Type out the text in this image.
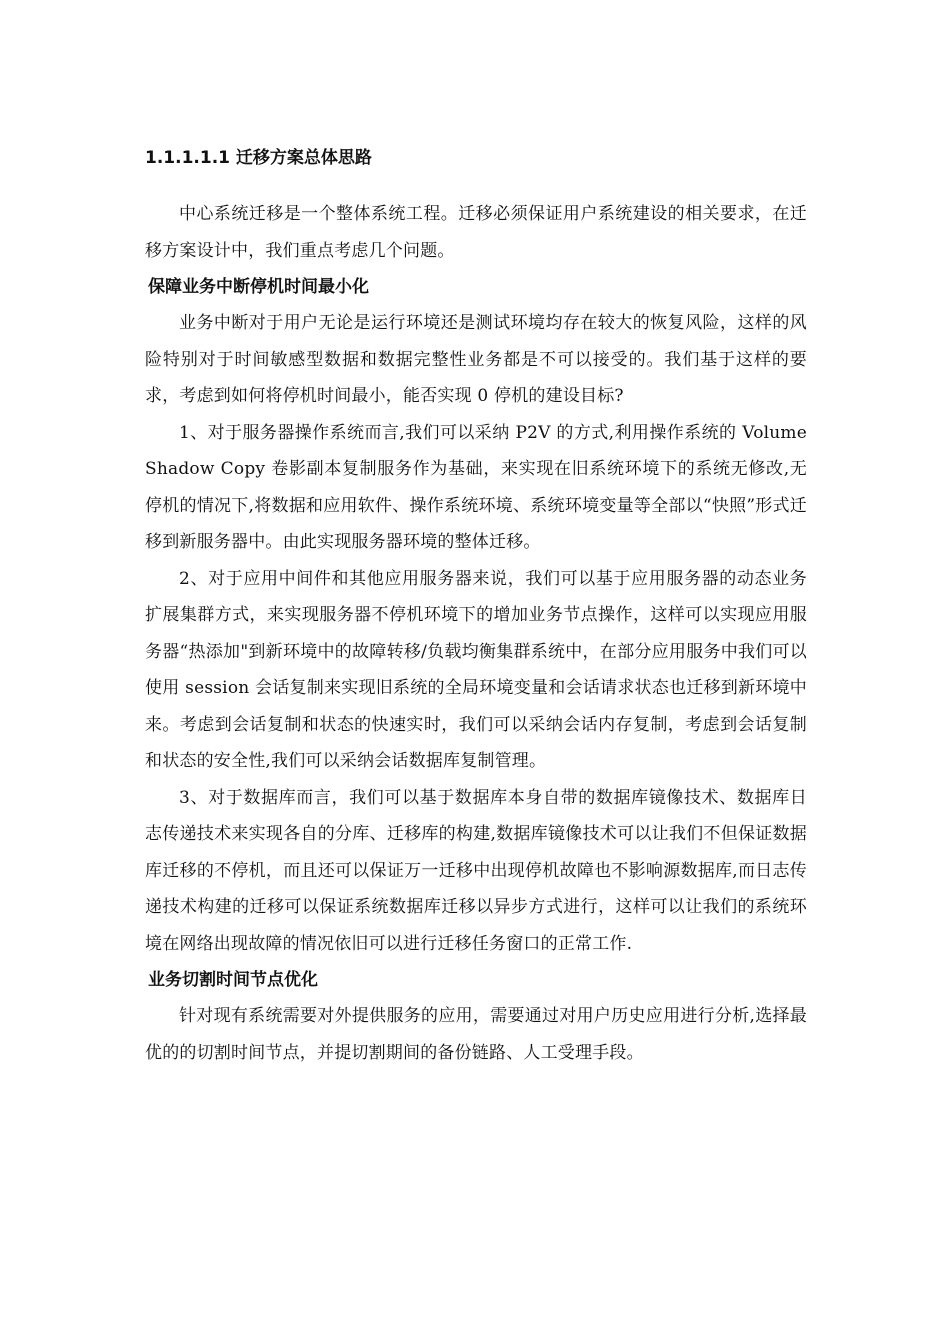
1.1.1.1.1 迁移方案总体思路

中心系统迁移是一个整体系统工程。迁移必须保证用户系统建设的相关要求，在迁移方案设计中，我们重点考虑几个问题。

保障业务中断停机时间最小化

业务中断对于用户无论是运行环境还是测试环境均存在较大的恢复风险，这样的风险特别对于时间敏感型数据和数据完整性业务都是不可以接受的。我们基于这样的要求，考虑到如何将停机时间最小，能否实现 0 停机的建设目标?

1、对于服务器操作系统而言,我们可以采纳 P2V 的方式,利用操作系统的 Volume Shadow Copy 卷影副本复制服务作为基础，来实现在旧系统环境下的系统无修改,无停机的情况下,将数据和应用软件、操作系统环境、系统环境变量等全部以“快照”形式迁移到新服务器中。由此实现服务器环境的整体迁移。

2、对于应用中间件和其他应用服务器来说，我们可以基于应用服务器的动态业务扩展集群方式，来实现服务器不停机环境下的增加业务节点操作，这样可以实现应用服务器“热添加"到新环境中的故障转移/负载均衡集群系统中，在部分应用服务中我们可以使用 session 会话复制来实现旧系统的全局环境变量和会话请求状态也迁移到新环境中来。考虑到会话复制和状态的快速实时，我们可以采纳会话内存复制，考虑到会话复制和状态的安全性,我们可以采纳会话数据库复制管理。

3、对于数据库而言，我们可以基于数据库本身自带的数据库镜像技术、数据库日志传递技术来实现各自的分库、迁移库的构建,数据库镜像技术可以让我们不但保证数据库迁移的不停机，而且还可以保证万一迁移中出现停机故障也不影响源数据库,而日志传递技术构建的迁移可以保证系统数据库迁移以异步方式进行，这样可以让我们的系统环境在网络出现故障的情况依旧可以进行迁移任务窗口的正常工作.

业务切割时间节点优化

针对现有系统需要对外提供服务的应用，需要通过对用户历史应用进行分析,选择最优的的切割时间节点，并提切割期间的备份链路、人工受理手段。
